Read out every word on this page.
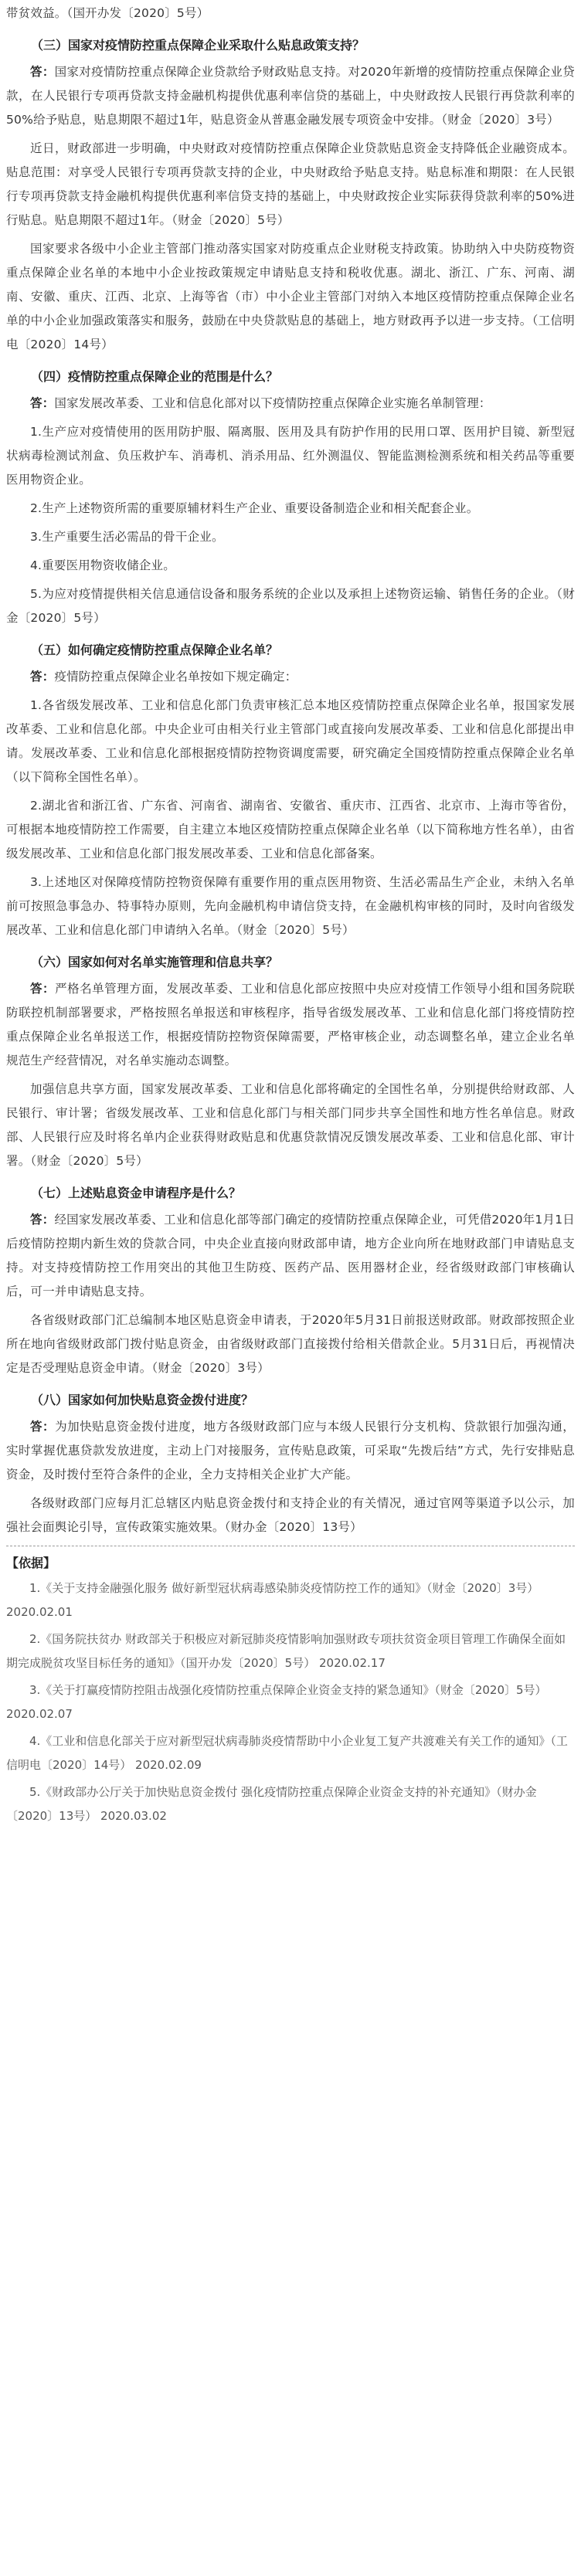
带贫效益。（国开办发〔2020〕5号）

（三）国家对疫情防控重点保障企业采取什么贴息政策支持？

答：国家对疫情防控重点保障企业贷款给予财政贴息支持。对2020年新增的疫情防控重点保障企业贷款，在人民银行专项再贷款支持金融机构提供优惠利率信贷的基础上，中央财政按人民银行再贷款利率的50%给予贴息，贴息期限不超过1年，贴息资金从普惠金融发展专项资金中安排。（财金〔2020〕3号）

近日，财政部进一步明确，中央财政对疫情防控重点保障企业贷款贴息资金支持降低企业融资成本。贴息范围：对享受人民银行专项再贷款支持的企业，中央财政给予贴息支持。贴息标准和期限：在人民银行专项再贷款支持金融机构提供优惠利率信贷支持的基础上，中央财政按企业实际获得贷款利率的50%进行贴息。贴息期限不超过1年。（财金〔2020〕5号）

国家要求各级中小企业主管部门推动落实国家对防疫重点企业财税支持政策。协助纳入中央防疫物资重点保障企业名单的本地中小企业按政策规定申请贴息支持和税收优惠。湖北、浙江、广东、河南、湖南、安徽、重庆、江西、北京、上海等省（市）中小企业主管部门对纳入本地区疫情防控重点保障企业名单的中小企业加强政策落实和服务，鼓励在中央贷款贴息的基础上，地方财政再予以进一步支持。（工信明电〔2020〕14号）

（四）疫情防控重点保障企业的范围是什么？

答：国家发展改革委、工业和信息化部对以下疫情防控重点保障企业实施名单制管理：

1.生产应对疫情使用的医用防护服、隔离服、医用及具有防护作用的民用口罩、医用护目镜、新型冠状病毒检测试剂盒、负压救护车、消毒机、消杀用品、红外测温仪、智能监测检测系统和相关药品等重要医用物资企业。

2.生产上述物资所需的重要原辅材料生产企业、重要设备制造企业和相关配套企业。

3.生产重要生活必需品的骨干企业。

4.重要医用物资收储企业。

5.为应对疫情提供相关信息通信设备和服务系统的企业以及承担上述物资运输、销售任务的企业。（财金〔2020〕5号）

（五）如何确定疫情防控重点保障企业名单？

答：疫情防控重点保障企业名单按如下规定确定：

1.各省级发展改革、工业和信息化部门负责审核汇总本地区疫情防控重点保障企业名单，报国家发展改革委、工业和信息化部。中央企业可由相关行业主管部门或直接向发展改革委、工业和信息化部提出申请。发展改革委、工业和信息化部根据疫情防控物资调度需要，研究确定全国疫情防控重点保障企业名单（以下简称全国性名单）。

2.湖北省和浙江省、广东省、河南省、湖南省、安徽省、重庆市、江西省、北京市、上海市等省份，可根据本地疫情防控工作需要，自主建立本地区疫情防控重点保障企业名单（以下简称地方性名单），由省级发展改革、工业和信息化部门报发展改革委、工业和信息化部备案。

3.上述地区对保障疫情防控物资保障有重要作用的重点医用物资、生活必需品生产企业，未纳入名单前可按照急事急办、特事特办原则，先向金融机构申请信贷支持，在金融机构审核的同时，及时向省级发展改革、工业和信息化部门申请纳入名单。（财金〔2020〕5号）

（六）国家如何对名单实施管理和信息共享？

答：严格名单管理方面，发展改革委、工业和信息化部应按照中央应对疫情工作领导小组和国务院联防联控机制部署要求，严格按照名单报送和审核程序，指导省级发展改革、工业和信息化部门将疫情防控重点保障企业名单报送工作，根据疫情防控物资保障需要，严格审核企业，动态调整名单，建立企业名单规范生产经营情况，对名单实施动态调整。

加强信息共享方面，国家发展改革委、工业和信息化部将确定的全国性名单，分别提供给财政部、人民银行、审计署；省级发展改革、工业和信息化部门与相关部门同步共享全国性和地方性名单信息。财政部、人民银行应及时将名单内企业获得财政贴息和优惠贷款情况反馈发展改革委、工业和信息化部、审计署。（财金〔2020〕5号）

（七）上述贴息资金申请程序是什么？

答：经国家发展改革委、工业和信息化部等部门确定的疫情防控重点保障企业，可凭借2020年1月1日后疫情防控期内新生效的贷款合同，中央企业直接向财政部申请，地方企业向所在地财政部门申请贴息支持。对支持疫情防控工作用突出的其他卫生防疫、医药产品、医用器材企业，经省级财政部门审核确认后，可一并申请贴息支持。

各省级财政部门汇总编制本地区贴息资金申请表，于2020年5月31日前报送财政部。财政部按照企业所在地向省级财政部门拨付贴息资金，由省级财政部门直接拨付给相关借款企业。5月31日后，再视情决定是否受理贴息资金申请。（财金〔2020〕3号）

（八）国家如何加快贴息资金拨付进度？

答：为加快贴息资金拨付进度，地方各级财政部门应与本级人民银行分支机构、贷款银行加强沟通，实时掌握优惠贷款发放进度，主动上门对接服务，宣传贴息政策，可采取“先拨后结”方式，先行安排贴息资金，及时拨付至符合条件的企业，全力支持相关企业扩大产能。

各级财政部门应每月汇总辖区内贴息资金拨付和支持企业的有关情况，通过官网等渠道予以公示，加强社会面舆论引导，宣传政策实施效果。（财办金〔2020〕13号）

【依据】

1.《关于支持金融强化服务 做好新型冠状病毒感染肺炎疫情防控工作的通知》（财金〔2020〕3号） 2020.02.01

2.《国务院扶贫办 财政部关于积极应对新冠肺炎疫情影响加强财政专项扶贫资金项目管理工作确保全面如期完成脱贫攻坚目标任务的通知》（国开办发〔2020〕5号） 2020.02.17

3.《关于打赢疫情防控阻击战强化疫情防控重点保障企业资金支持的紧急通知》（财金〔2020〕5号） 2020.02.07

4.《工业和信息化部关于应对新型冠状病毒肺炎疫情帮助中小企业复工复产共渡难关有关工作的通知》（工信明电〔2020〕14号） 2020.02.09

5.《财政部办公厅关于加快贴息资金拨付 强化疫情防控重点保障企业资金支持的补充通知》（财办金〔2020〕13号） 2020.03.02
